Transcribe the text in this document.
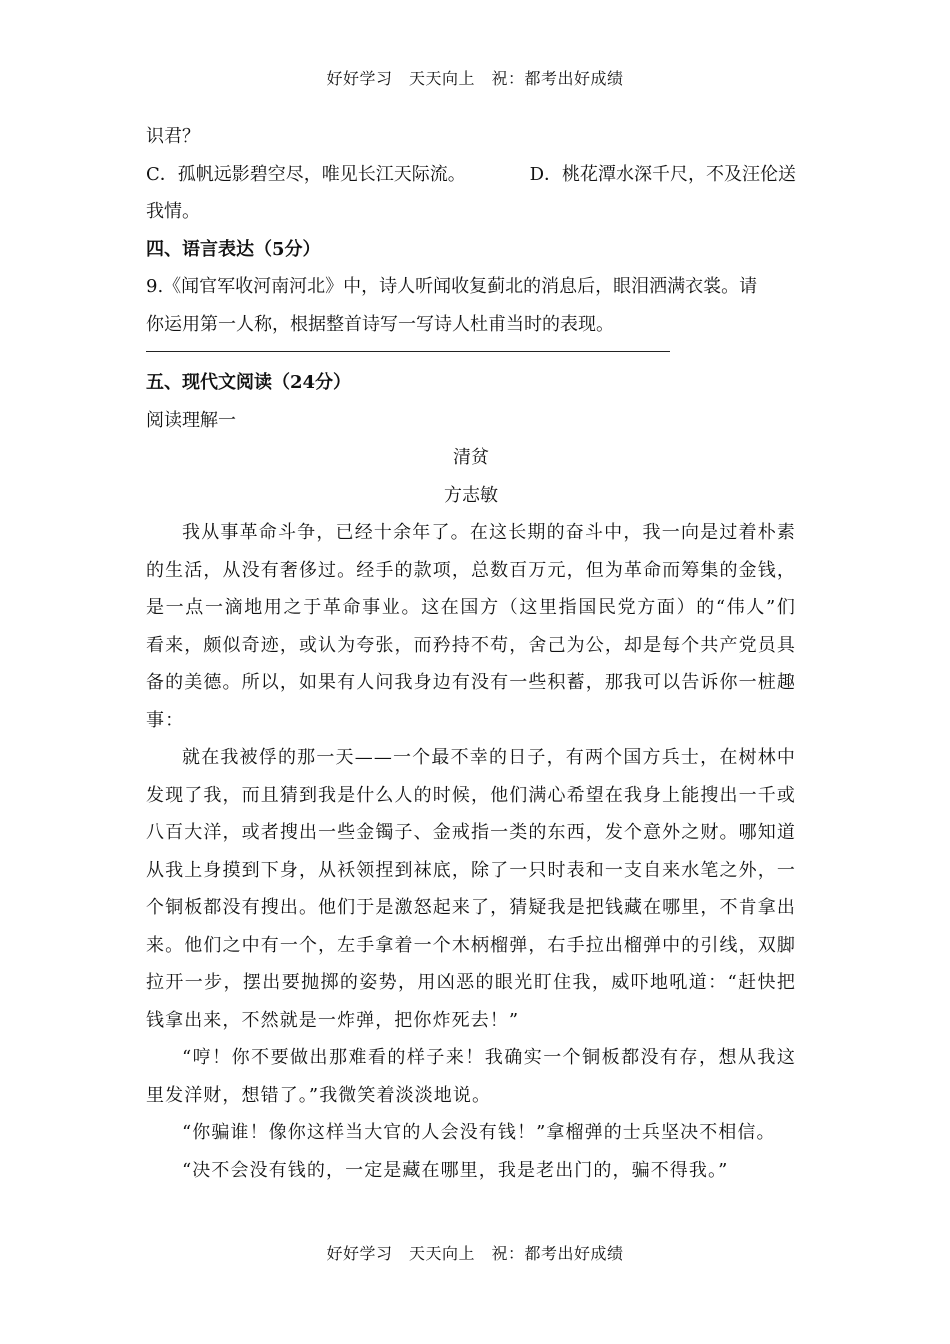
好好学习　天天向上　祝：都考出好成绩
识君？
C．孤帆远影碧空尽，唯见长江天际流。	D．桃花潭水深千尺，不及汪伦送
我情。
四、语言表达（5分）
9.《闻官军收河南河北》中，诗人听闻收复蓟北的消息后，眼泪洒满衣裳。请
你运用第一人称，根据整首诗写一写诗人杜甫当时的表现。
五、现代文阅读（24分）
阅读理解一
清贫
方志敏
我从事革命斗争，已经十余年了。在这长期的奋斗中，我一向是过着朴素的生活，从没有奢侈过。经手的款项，总数百万元，但为革命而筹集的金钱，是一点一滴地用之于革命事业。这在国方（这里指国民党方面）的“伟人”们看来，颇似奇迹，或认为夸张，而矜持不苟，舍己为公，却是每个共产党员具备的美德。所以，如果有人问我身边有没有一些积蓄，那我可以告诉你一桩趣事：
就在我被俘的那一天——一个最不幸的日子，有两个国方兵士，在树林中发现了我，而且猜到我是什么人的时候，他们满心希望在我身上能搜出一千或八百大洋，或者搜出一些金镯子、金戒指一类的东西，发个意外之财。哪知道从我上身摸到下身，从袄领捏到袜底，除了一只时表和一支自来水笔之外，一个铜板都没有搜出。他们于是激怒起来了，猜疑我是把钱藏在哪里，不肯拿出来。他们之中有一个，左手拿着一个木柄榴弹，右手拉出榴弹中的引线，双脚拉开一步，摆出要抛掷的姿势，用凶恶的眼光盯住我，威吓地吼道：“赶快把钱拿出来，不然就是一炸弹，把你炸死去！”
“哼！你不要做出那难看的样子来！我确实一个铜板都没有存，想从我这里发洋财，想错了。”我微笑着淡淡地说。
“你骗谁！像你这样当大官的人会没有钱！”拿榴弹的士兵坚决不相信。
“决不会没有钱的，一定是藏在哪里，我是老出门的，骗不得我。”
好好学习　天天向上　祝：都考出好成绩
